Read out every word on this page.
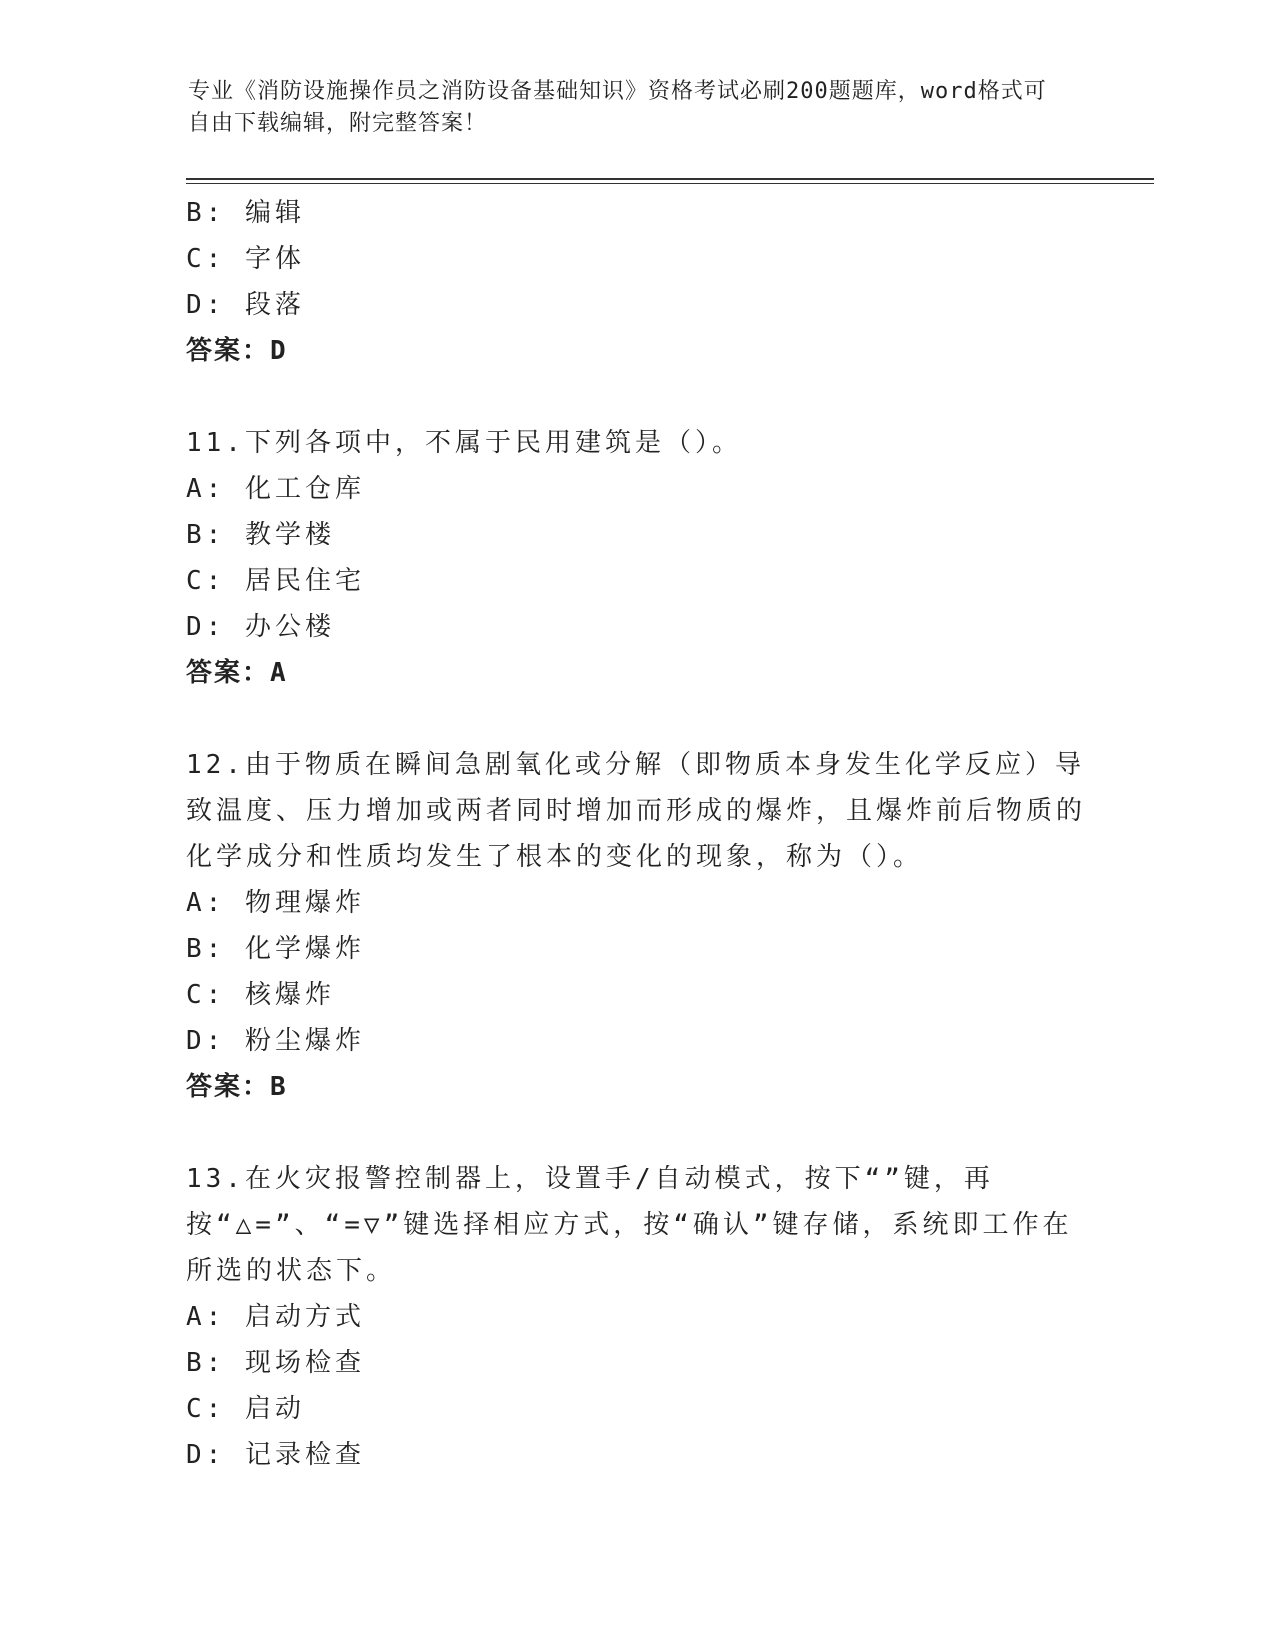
专业《消防设施操作员之消防设备基础知识》资格考试必刷200题题库，word格式可自由下载编辑，附完整答案！
B: 编辑
C: 字体
D: 段落
答案：D
11.下列各项中，不属于民用建筑是（）。
A: 化工仓库
B: 教学楼
C: 居民住宅
D: 办公楼
答案：A
12.由于物质在瞬间急剧氧化或分解（即物质本身发生化学反应）导致温度、压力增加或两者同时增加而形成的爆炸，且爆炸前后物质的化学成分和性质均发生了根本的变化的现象，称为（）。
A: 物理爆炸
B: 化学爆炸
C: 核爆炸
D: 粉尘爆炸
答案：B
13.在火灾报警控制器上，设置手/自动模式，按下“”键，再按“△=”、“=▽”键选择相应方式，按“确认”键存储，系统即工作在所选的状态下。
A: 启动方式
B: 现场检查
C: 启动
D: 记录检查
